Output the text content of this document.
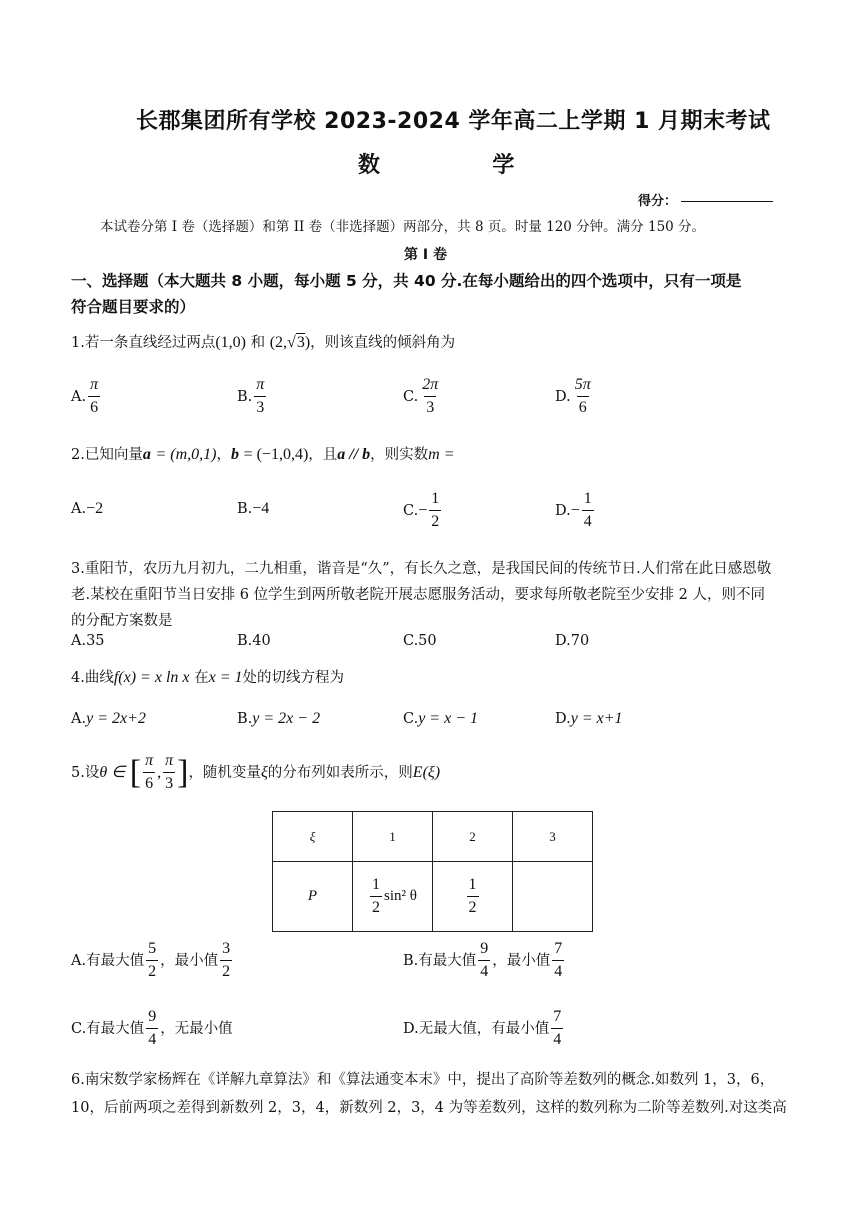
长郡集团所有学校 2023-2024 学年高二上学期 1 月期末考试
数	学
得分：
本试卷分第 I 卷（选择题）和第 II 卷（非选择题）两部分，共 8 页。时量 120 分钟。满分 150 分。
第 I 卷
一、选择题（本大题共 8 小题，每小题 5 分，共 40 分.在每小题给出的四个选项中，只有一项是
符合题目要求的）
1.若一条直线经过两点(1,0) 和 (2,√3)，则该直线的倾斜角为
A. $\frac{\pi}{6}$	B. $\frac{\pi}{3}$	C. $\frac{2\pi}{3}$	D. $\frac{5\pi}{6}$
2.已知向量a = (m,0,1)，b = (−1,0,4)，且a // b，则实数m =
A.−2	B.−4	$C.- \frac{1}{2}$	$D.- \frac{1}{4}$
3.重阳节，农历九月初九，二九相重，谐音是“久”，有长久之意，是我国民间的传统节日.人们常在此日感恩敬
老.某校在重阳节当日安排 6 位学生到两所敬老院开展志愿服务活动，要求每所敬老院至少安排 2 人，则不同
的分配方案数是
A.35	B.40	C.50	D.70
4.曲线f(x) = x ln x 在x = 1处的切线方程为
A.y = 2x+2	B.y = 2x − 2	C.y = x − 1	D.y = x+1
5.设θ ∈ [ $\frac{\pi}{6}$ , $\frac{\pi}{3}$ ]，随机变量ξ的分布列如表所示，则E(ξ)
ξ	1	2	3
P	$\frac{1}{2} \sin^2$ θ	$\frac{1}{2}$

A.有最大值 $\frac{5}{2}$ ，最小值 $\frac{3}{2}$	B.有最大值 $\frac{9}{4}$ ，最小值 $\frac{7}{4}$
C.有最大值 $\frac{9}{4}$ ，无最小值	D.无最大值，有最小值 $\frac{7}{4}$
6.南宋数学家杨辉在《详解九章算法》和《算法通变本末》中，提出了高阶等差数列的概念.如数列 1，3，6，
10，后前两项之差得到新数列 2，3，4，新数列 2，3，4 为等差数列，这样的数列称为二阶等差数列.对这类高
